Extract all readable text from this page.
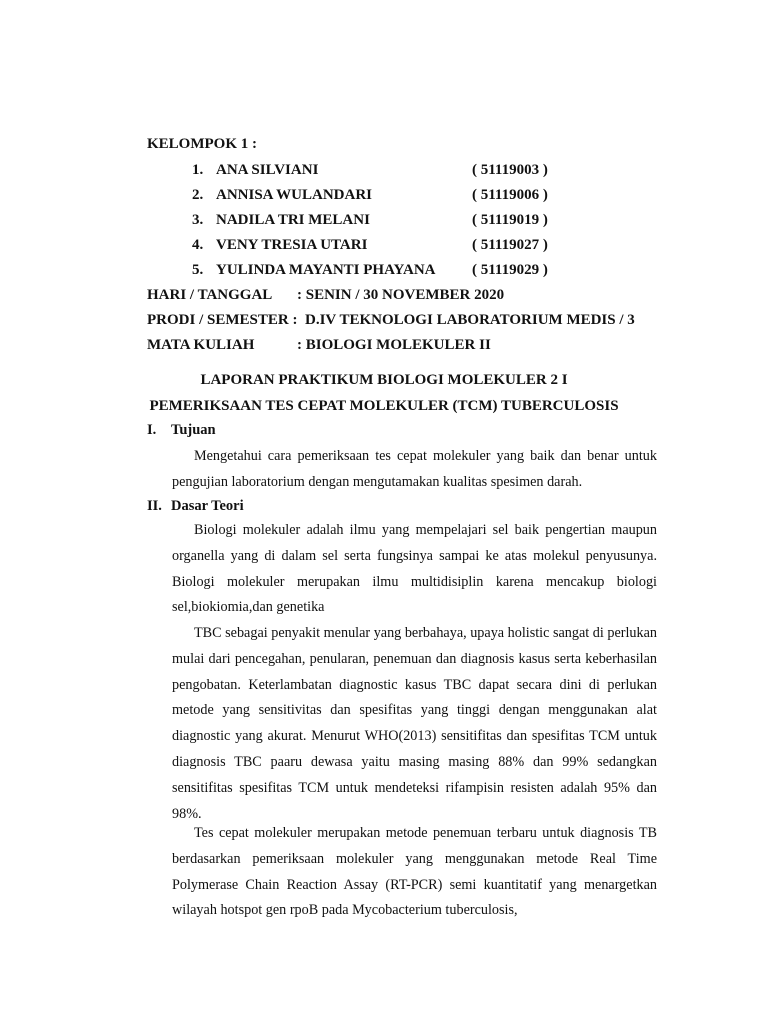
KELOMPOK 1 :
1. ANA SILVIANI	( 51119003 )
2. ANNISA WULANDARI	( 51119006 )
3. NADILA TRI MELANI	( 51119019 )
4. VENY TRESIA UTARI	( 51119027 )
5. YULINDA MAYANTI PHAYANA ( 51119029 )
HARI / TANGGAL : SENIN / 30 NOVEMBER 2020
PRODI / SEMESTER : D.IV TEKNOLOGI LABORATORIUM MEDIS / 3
MATA KULIAH	: BIOLOGI MOLEKULER II
LAPORAN PRAKTIKUM BIOLOGI MOLEKULER 2 I
PEMERIKSAAN TES CEPAT MOLEKULER (TCM) TUBERCULOSIS
I. Tujuan
Mengetahui cara pemeriksaan tes cepat molekuler yang baik dan benar untuk pengujian laboratorium dengan mengutamakan kualitas spesimen darah.
II. Dasar Teori
Biologi molekuler adalah ilmu yang mempelajari sel baik pengertian maupun organella yang di dalam sel serta fungsinya sampai ke atas molekul penyusunya. Biologi molekuler merupakan ilmu multidisiplin karena mencakup biologi sel,biokiomia,dan genetika
TBC sebagai penyakit menular yang berbahaya, upaya holistic sangat di perlukan mulai dari pencegahan, penularan, penemuan dan diagnosis kasus serta keberhasilan pengobatan. Keterlambatan diagnostic kasus TBC dapat secara dini di perlukan metode yang sensitivitas dan spesifitas yang tinggi dengan menggunakan alat diagnostic yang akurat. Menurut WHO(2013) sensitifitas dan spesifitas TCM untuk diagnosis TBC paaru dewasa yaitu masing masing 88% dan 99% sedangkan sensitifitas spesifitas TCM untuk mendeteksi rifampisin resisten adalah 95% dan 98%.
Tes cepat molekuler merupakan metode penemuan terbaru untuk diagnosis TB berdasarkan pemeriksaan molekuler yang menggunakan metode Real Time Polymerase Chain Reaction Assay (RT-PCR) semi kuantitatif yang menargetkan wilayah hotspot gen rpoB pada Mycobacterium tuberculosis,
